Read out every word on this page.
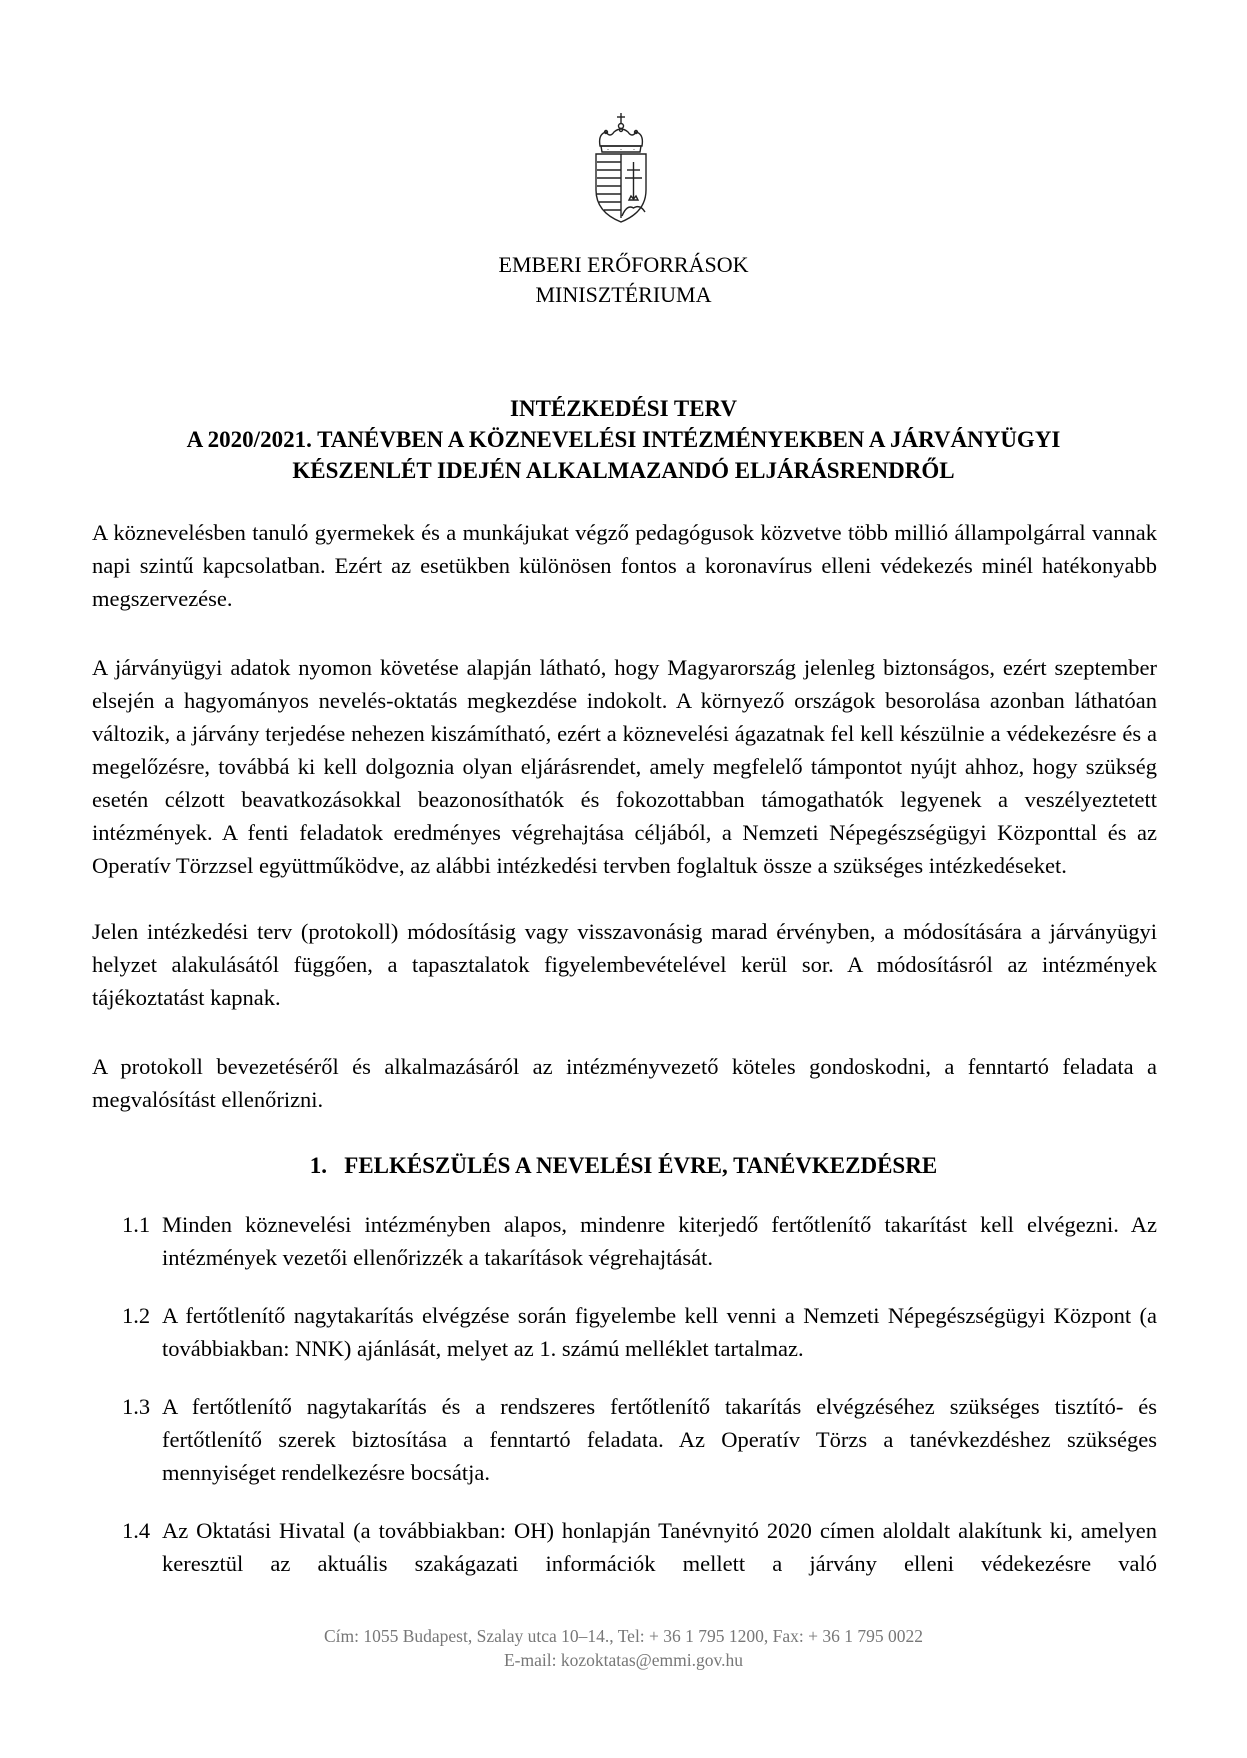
EMBERI ERŐFORRÁSOK
MINISZTÉRIUMA
INTÉZKEDÉSI TERV
A 2020/2021. TANÉVBEN A KÖZNEVELÉSI INTÉZMÉNYEKBEN A JÁRVÁNYÜGYI
KÉSZENLÉT IDEJÉN ALKALMAZANDÓ ELJÁRÁSRENDRŐL

A köznevelésben tanuló gyermekek és a munkájukat végző pedagógusok közvetve több millió állampolgárral vannak napi szintű kapcsolatban. Ezért az esetükben különösen fontos a koronavírus elleni védekezés minél hatékonyabb megszervezése.

A járványügyi adatok nyomon követése alapján látható, hogy Magyarország jelenleg biztonságos, ezért szeptember elsején a hagyományos nevelés-oktatás megkezdése indokolt. A környező országok besorolása azonban láthatóan változik, a járvány terjedése nehezen kiszámítható, ezért a köznevelési ágazatnak fel kell készülnie a védekezésre és a megelőzésre, továbbá ki kell dolgoznia olyan eljárásrendet, amely megfelelő támpontot nyújt ahhoz, hogy szükség esetén célzott beavatkozásokkal beazonosíthatók és fokozottabban támogathatók legyenek a veszélyeztetett intézmények. A fenti feladatok eredményes végrehajtása céljából, a Nemzeti Népegészségügyi Központtal és az Operatív Törzzsel együttműködve, az alábbi intézkedési tervben foglaltuk össze a szükséges intézkedéseket.

Jelen intézkedési terv (protokoll) módosításig vagy visszavonásig marad érvényben, a módosítására a járványügyi helyzet alakulásától függően, a tapasztalatok figyelembevételével kerül sor. A módosításról az intézmények tájékoztatást kapnak.

A protokoll bevezetéséről és alkalmazásáról az intézményvezető köteles gondoskodni, a fenntartó feladata a megvalósítást ellenőrizni.

1.   FELKÉSZÜLÉS A NEVELÉSI ÉVRE, TANÉVKEZDÉSRE
1.1 Minden köznevelési intézményben alapos, mindenre kiterjedő fertőtlenítő takarítást kell elvégezni. Az intézmények vezetői ellenőrizzék a takarítások végrehajtását.
1.2 A fertőtlenítő nagytakarítás elvégzése során figyelembe kell venni a Nemzeti Népegészségügyi Központ (a továbbiakban: NNK) ajánlását, melyet az 1. számú melléklet tartalmaz.
1.3 A fertőtlenítő nagytakarítás és a rendszeres fertőtlenítő takarítás elvégzéséhez szükséges tisztító- és fertőtlenítő szerek biztosítása a fenntartó feladata. Az Operatív Törzs a tanévkezdéshez szükséges mennyiséget rendelkezésre bocsátja.
1.4 Az Oktatási Hivatal (a továbbiakban: OH) honlapján Tanévnyitó 2020 címen aloldalt alakítunk ki, amelyen keresztül az aktuális szakágazati információk mellett a járvány elleni védekezésre való
Cím: 1055 Budapest, Szalay utca 10–14., Tel: + 36 1 795 1200, Fax: + 36 1 795 0022
E-mail: kozoktatas@emmi.gov.hu
